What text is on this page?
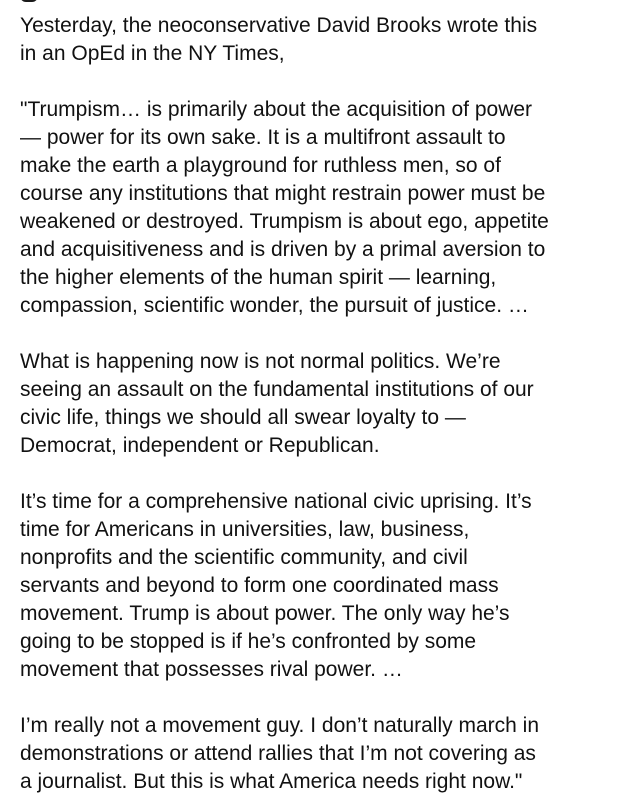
Yesterday, the neoconservative David Brooks wrote this
in an OpEd in the NY Times,

"Trumpism… is primarily about the acquisition of power
— power for its own sake. It is a multifront assault to
make the earth a playground for ruthless men, so of
course any institutions that might restrain power must be
weakened or destroyed. Trumpism is about ego, appetite
and acquisitiveness and is driven by a primal aversion to
the higher elements of the human spirit — learning,
compassion, scientific wonder, the pursuit of justice. …

What is happening now is not normal politics. We’re
seeing an assault on the fundamental institutions of our
civic life, things we should all swear loyalty to —
Democrat, independent or Republican.

It’s time for a comprehensive national civic uprising. It’s
time for Americans in universities, law, business,
nonprofits and the scientific community, and civil
servants and beyond to form one coordinated mass
movement. Trump is about power. The only way he’s
going to be stopped is if he’s confronted by some
movement that possesses rival power. …

I’m really not a movement guy. I don’t naturally march in
demonstrations or attend rallies that I’m not covering as
a journalist. But this is what America needs right now."
